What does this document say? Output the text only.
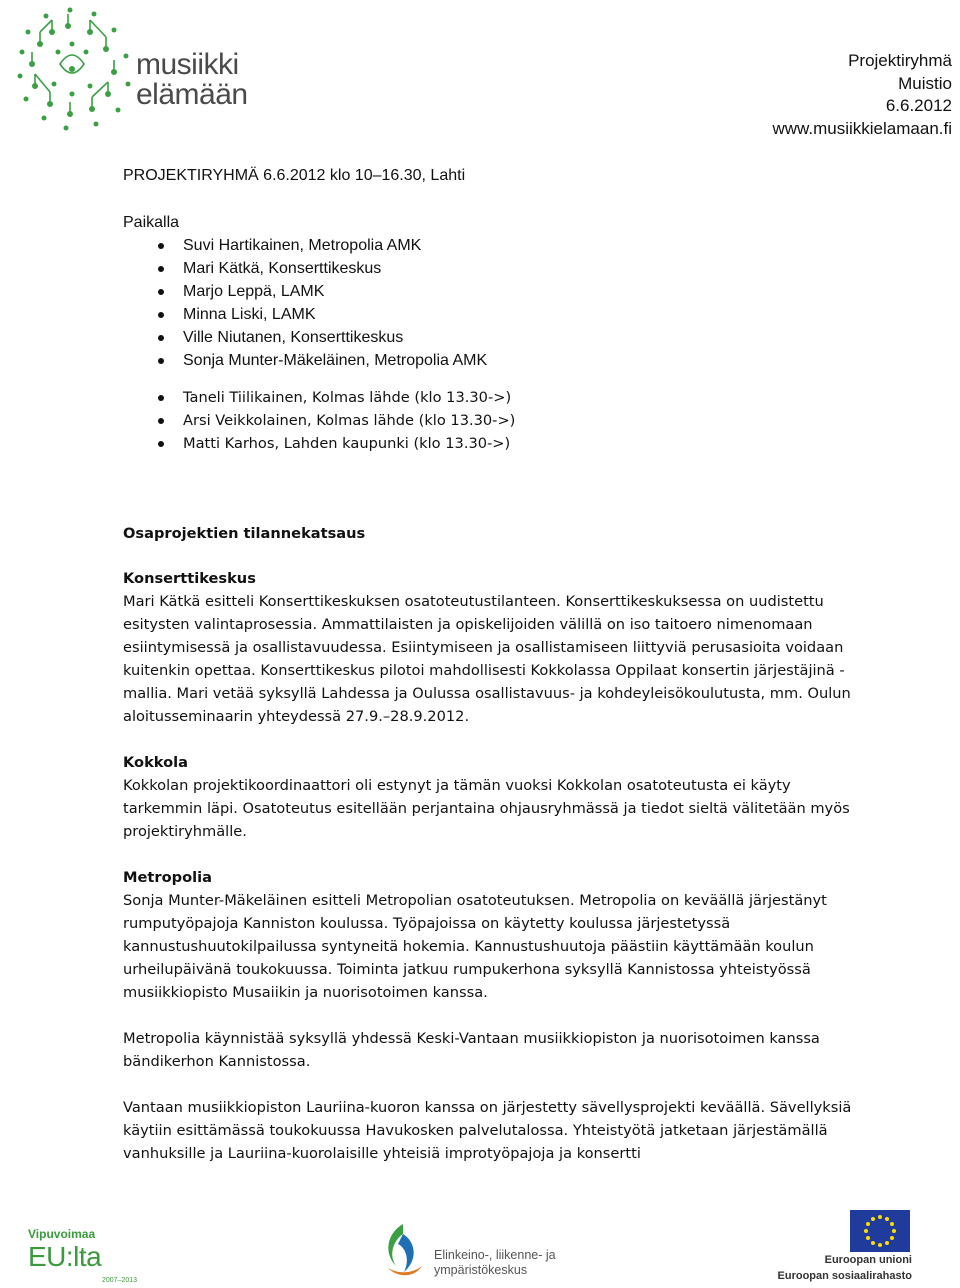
musiikki
elämään
Projektiryhmä
Muistio
6.6.2012
www.musiikkielamaan.fi

PROJEKTIRYHMÄ 6.6.2012 klo 10–16.30, Lahti

Paikalla

Suvi Hartikainen, Metropolia AMK
Mari Kätkä, Konserttikeskus
Marjo Leppä, LAMK
Minna Liski, LAMK
Ville Niutanen, Konserttikeskus
Sonja Munter-Mäkeläinen, Metropolia AMK
Taneli Tiilikainen, Kolmas lähde (klo 13.30->)
Arsi Veikkolainen, Kolmas lähde (klo 13.30->)
Matti Karhos, Lahden kaupunki (klo 13.30->)

Osaprojektien tilannekatsaus

Konserttikeskus

Mari Kätkä esitteli Konserttikeskuksen osatoteutustilanteen. Konserttikeskuksessa on uudistettu esitysten valintaprosessia. Ammattilaisten ja opiskelijoiden välillä on iso taitoero nimenomaan esiintymisessä ja osallistavuudessa. Esiintymiseen ja osallistamiseen liittyviä perusasioita voidaan kuitenkin opettaa. Konserttikeskus pilotoi mahdollisesti Kokkolassa Oppilaat konsertin järjestäjinä -mallia. Mari vetää syksyllä Lahdessa ja Oulussa osallistavuus- ja kohdeyleisökoulutusta, mm. Oulun aloitusseminaarin yhteydessä 27.9.–28.9.2012.

Kokkola

Kokkolan projektikoordinaattori oli estynyt ja tämän vuoksi Kokkolan osatoteutusta ei käyty tarkemmin läpi. Osatoteutus esitellään perjantaina ohjausryhmässä ja tiedot sieltä välitetään myös projektiryhmälle.

Metropolia

Sonja Munter-Mäkeläinen esitteli Metropolian osatoteutuksen. Metropolia on keväällä järjestänyt rumputyöpajoja Kanniston koulussa. Työpajoissa on käytetty koulussa järjestetyssä kannustushuutokilpailussa syntyneitä hokemia. Kannustushuutoja päästiin käyttämään koulun urheilupäivänä toukokuussa. Toiminta jatkuu rumpukerhona syksyllä Kannistossa yhteistyössä musiikkiopisto Musaiikin ja nuorisotoimen kanssa.

Metropolia käynnistää syksyllä yhdessä Keski-Vantaan musiikkiopiston ja nuorisotoimen kanssa bändikerhon Kannistossa.

Vantaan musiikkiopiston Lauriina-kuoron kanssa on järjestetty sävellysprojekti keväällä. Sävellyksiä käytiin esittämässä toukokuussa Havukosken palvelutalossa. Yhteistyötä jatketaan järjestämällä vanhuksille ja Lauriina-kuorolaisille yhteisiä improtyöpajoja ja konsertti

Vipuvoimaa
EU:lta
2007–2013
Elinkeino-, liikenne- ja
ympäristökeskus
Euroopan unioni
Euroopan sosiaalirahasto
